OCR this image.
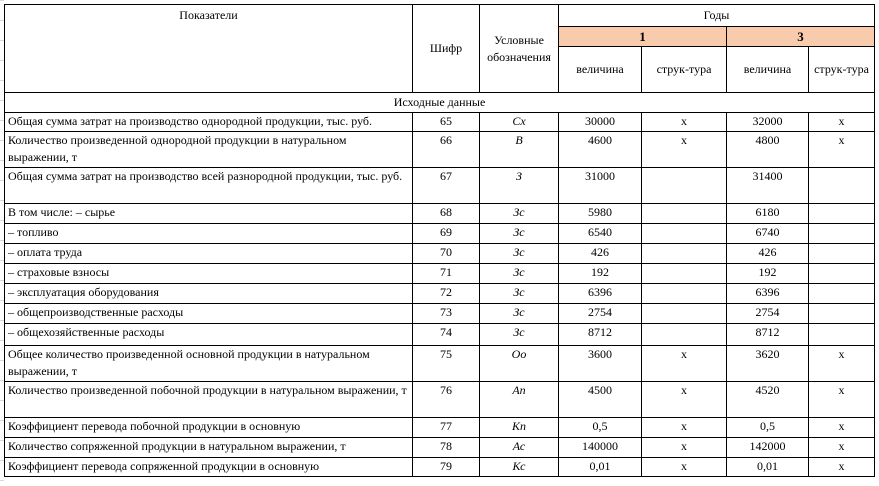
Показатели	Шифр	Условные обозначения	Годы			
			1		3	
			величина	струк-тура	величина	струк-тура
Исходные данные						
Общая сумма затрат на производство однородной продукции, тыс. руб.	65	Сх	30000	х	32000	х
Количество произведенной однородной продукции в натуральном выражении, т	66	В	4600	х	4800	х
Общая сумма затрат на производство всей разнородной продукции, тыс. руб.	67	З	31000		31400	
В том числе: – сырье	68	Зс	5980		6180	
– топливо	69	Зс	6540		6740	
– оплата труда	70	Зс	426		426	
– страховые взносы	71	Зс	192		192	
– эксплуатация оборудования	72	Зс	6396		6396	
– общепроизводственные расходы	73	Зс	2754		2754	
– общехозяйственные расходы	74	Зс	8712		8712	
Общее количество произведенной основной продукции в натуральном выражении, т	75	Оо	3600	х	3620	х
Количество произведенной побочной продукции в натуральном выражении, т	76	Ап	4500	х	4520	х
Коэффициент перевода побочной продукции в основную	77	Кп	0,5	х	0,5	х
Количество сопряженной продукции в натуральном выражении, т	78	Ас	140000	х	142000	х
Коэффициент перевода сопряженной продукции в основную	79	Кс	0,01	х	0,01	х
